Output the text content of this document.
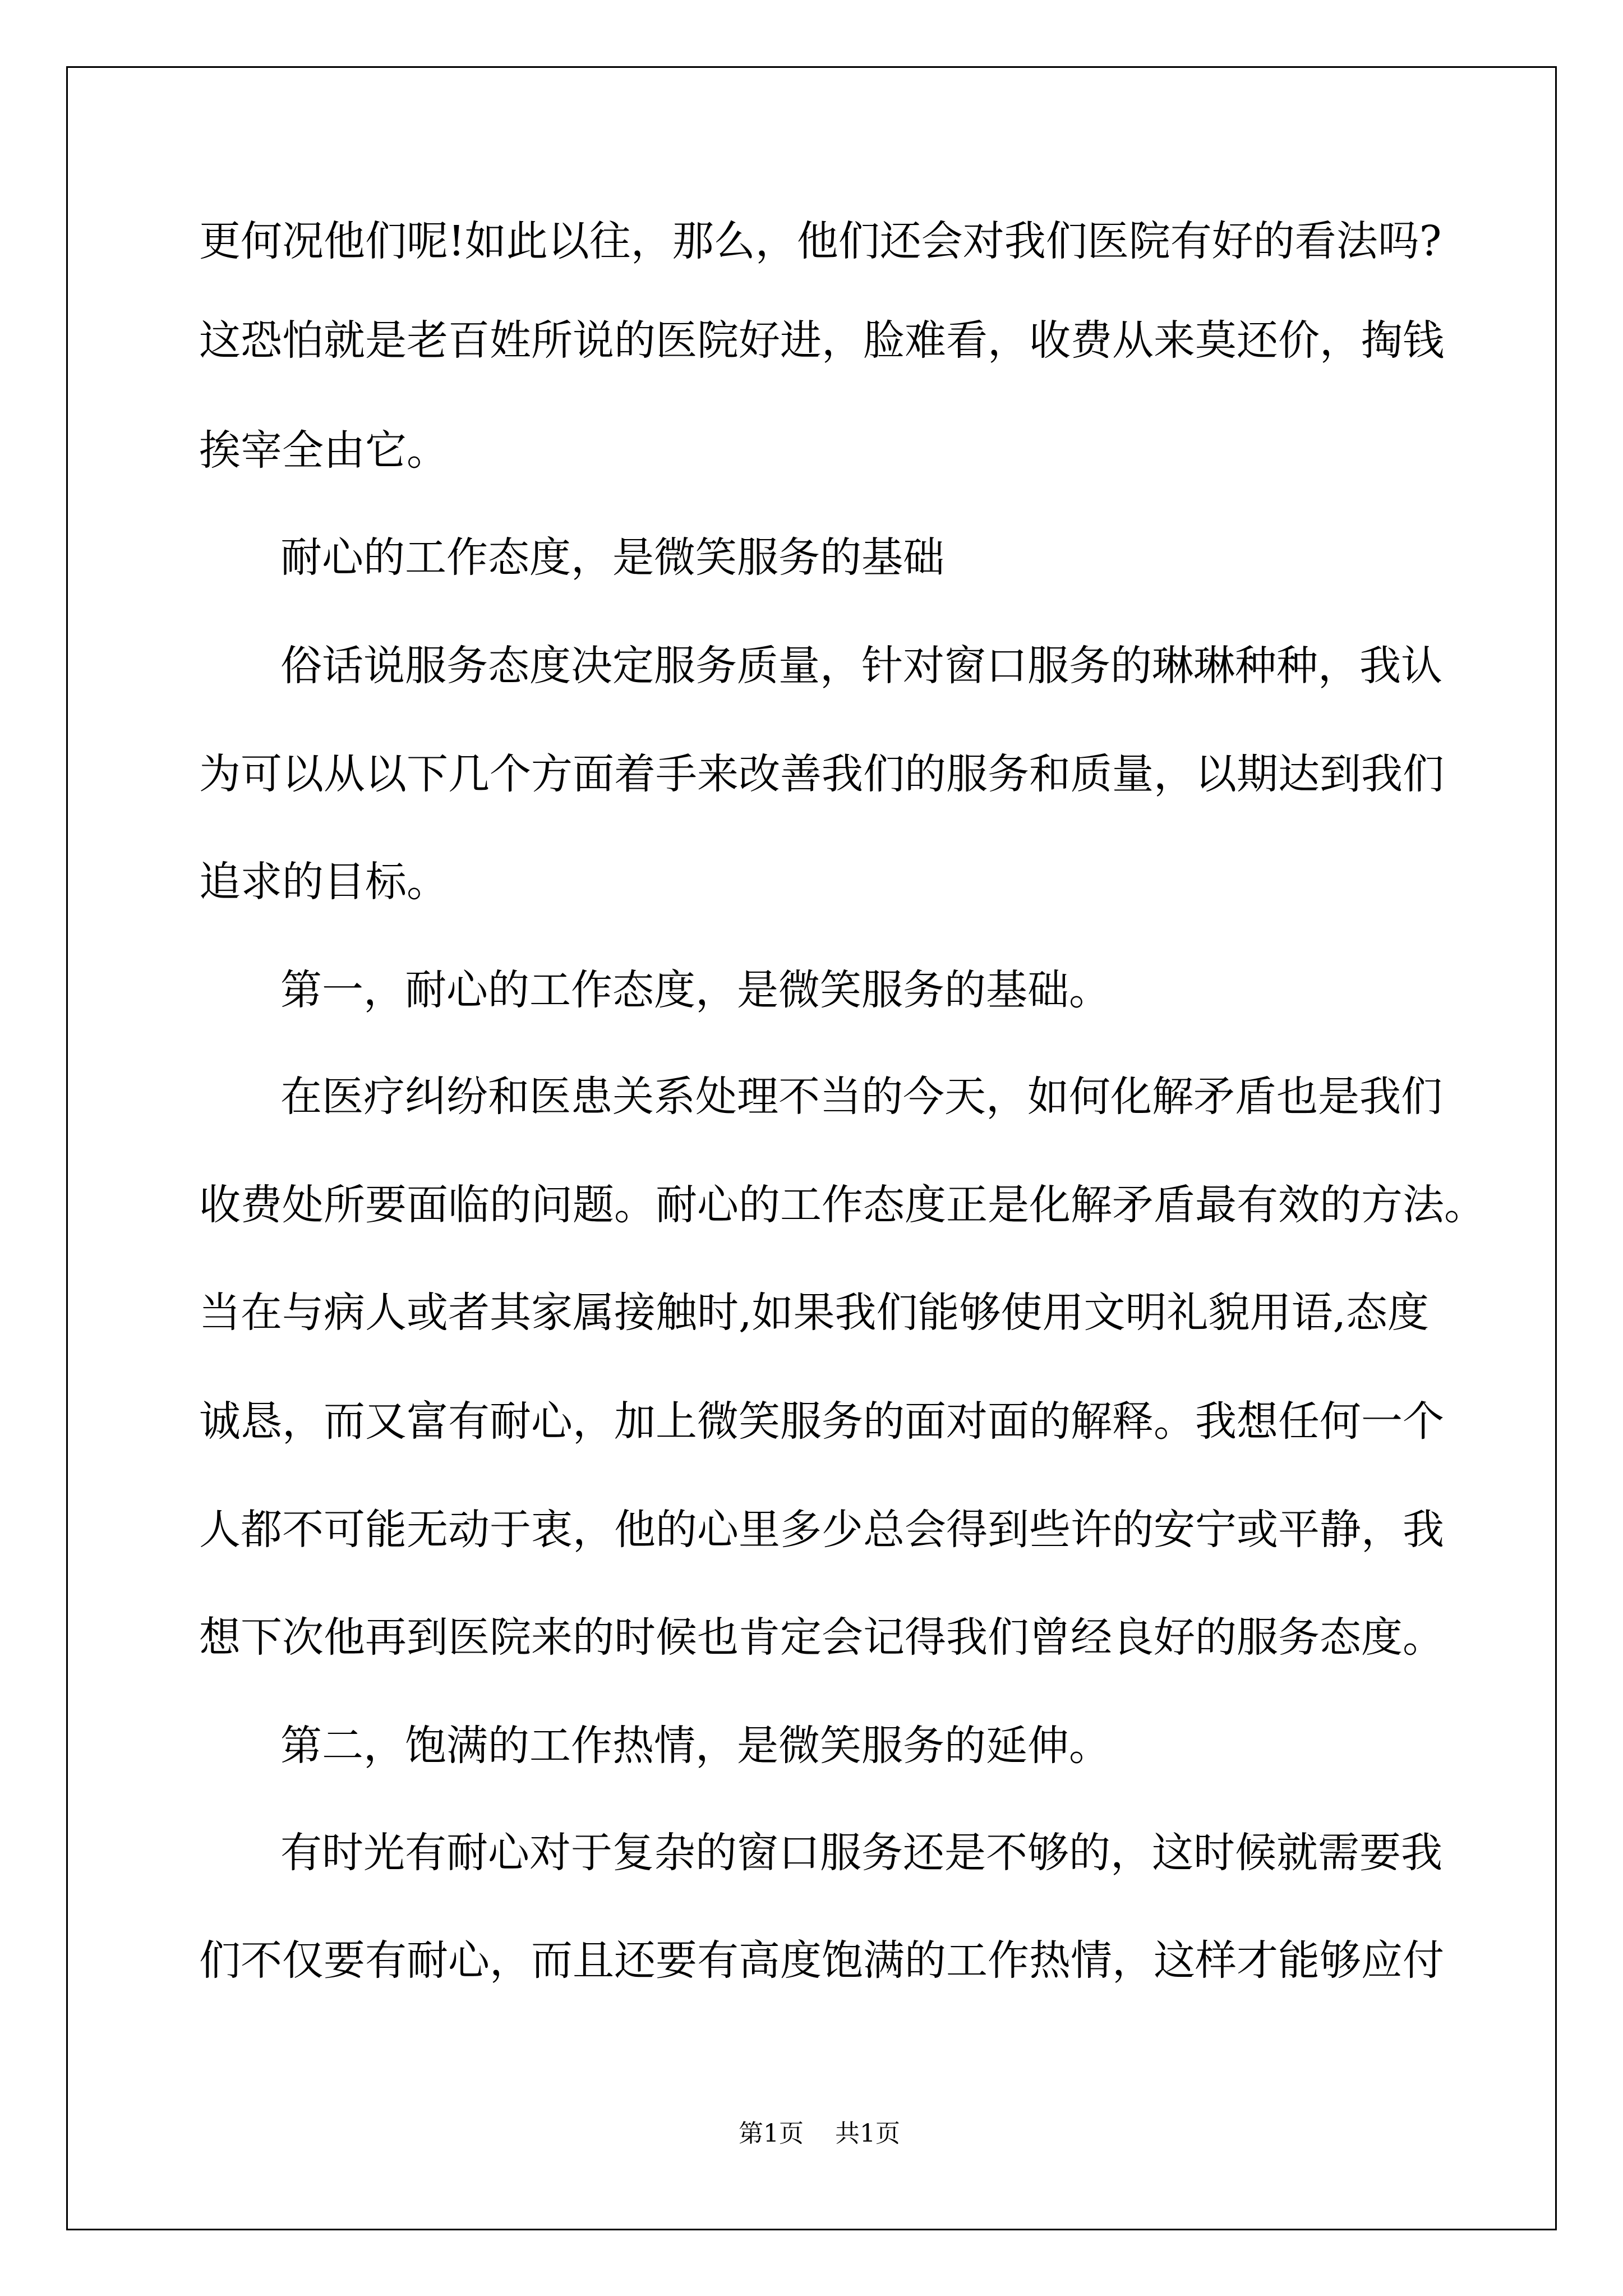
更何况他们呢!如此以往，那么，他们还会对我们医院有好的看法吗?
这恐怕就是老百姓所说的医院好进，脸难看，收费从来莫还价，掏钱
挨宰全由它。
耐心的工作态度，是微笑服务的基础
俗话说服务态度决定服务质量，针对窗口服务的琳琳种种，我认
为可以从以下几个方面着手来改善我们的服务和质量，以期达到我们
追求的目标。
第一，耐心的工作态度，是微笑服务的基础。
在医疗纠纷和医患关系处理不当的今天，如何化解矛盾也是我们
收费处所要面临的问题。耐心的工作态度正是化解矛盾最有效的方法。
当在与病人或者其家属接触时,如果我们能够使用文明礼貌用语,态度
诚恳，而又富有耐心，加上微笑服务的面对面的解释。我想任何一个
人都不可能无动于衷，他的心里多少总会得到些许的安宁或平静，我
想下次他再到医院来的时候也肯定会记得我们曾经良好的服务态度。
第二，饱满的工作热情，是微笑服务的延伸。
有时光有耐心对于复杂的窗口服务还是不够的，这时候就需要我
们不仅要有耐心，而且还要有高度饱满的工作热情，这样才能够应付

第1页 共1页
